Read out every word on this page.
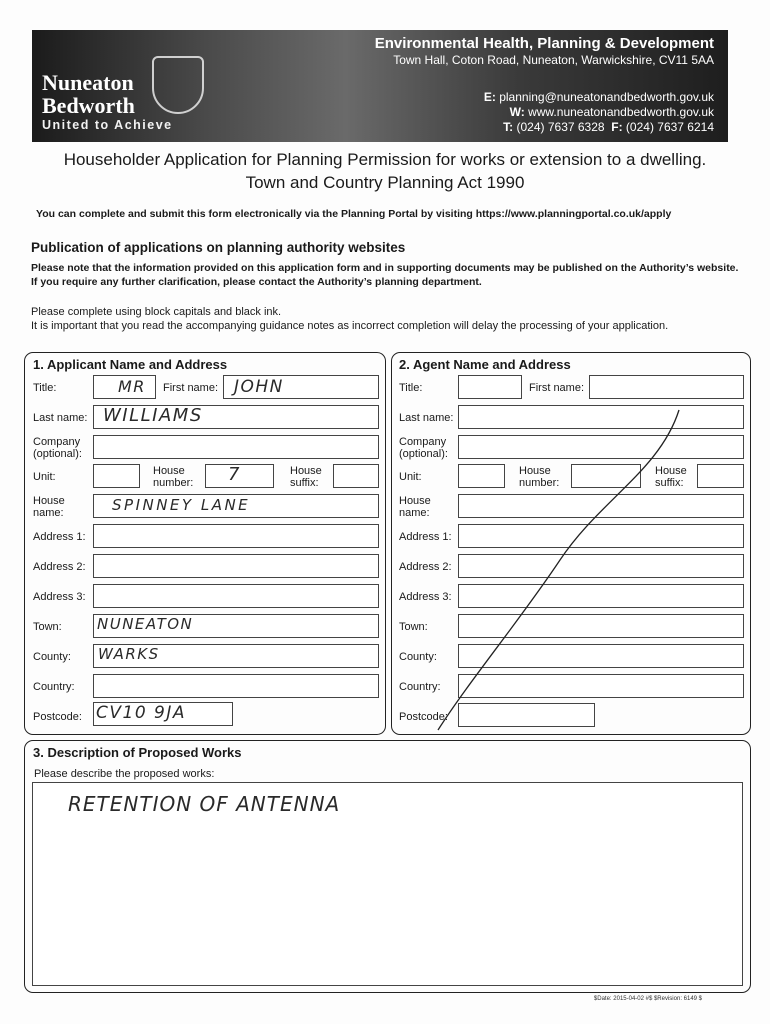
Nuneaton
Bedworth
United to Achieve
Environmental Health, Planning & Development
Town Hall, Coton Road, Nuneaton, Warwickshire, CV11 5AA
E: planning@nuneatonandbedworth.gov.uk
W: www.nuneatonandbedworth.gov.uk
T: (024) 7637 6328 F: (024) 7637 6214
Householder Application for Planning Permission for works or extension to a dwelling.
Town and Country Planning Act 1990
You can complete and submit this form electronically via the Planning Portal by visiting https://www.planningportal.co.uk/apply
Publication of applications on planning authority websites
Please note that the information provided on this application form and in supporting documents may be published on the Authority’s website. If you require any further clarification, please contact the Authority’s planning department.
Please complete using block capitals and black ink.
It is important that you read the accompanying guidance notes as incorrect completion will delay the processing of your application.
1. Applicant Name and Address
Title:	MR First name: JOHN
Last name: WILLIAMS
Company
(optional):
Unit:	House
number: 7	House
suffix:
House
name:	SPINNEY LANE
Address 1:
Address 2:
Address 3:
Town: NUNEATON
County: WARKS
Country:
Postcode: CV10 9JA
2. Agent Name and Address
Title:	First name:
Last name:
Company
(optional):
Unit:	House
number:
House
suffix:
House
name:
Address 1:
Address 2:
Address 3:
Town:
County:
Country:
Postcode:
3. Description of Proposed Works
Please describe the proposed works:
RETENTION OF ANTENNA
$Date: 2015-04-02 #$ $Revision: 6149 $
